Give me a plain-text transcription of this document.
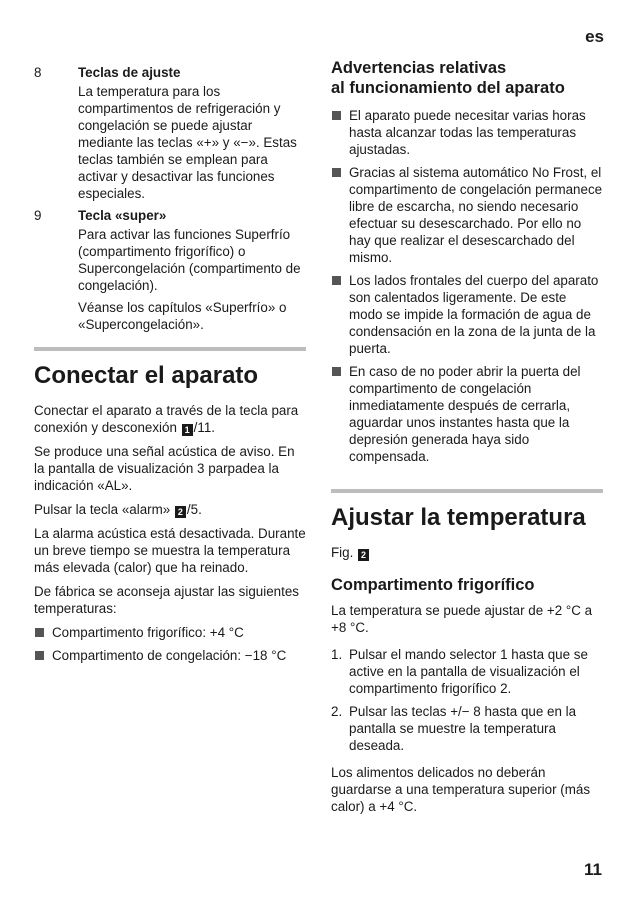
es
8	Teclas de ajuste

La temperatura para los compartimentos de refrigeración y congelación se puede ajustar mediante las teclas «+» y «−». Estas teclas también se emplean para activar y desactivar las funciones especiales.

9	Tecla «super»

Para activar las funciones Superfrío (compartimento frigorífico) o Supercongelación (compartimento de congelación).

Véanse los capítulos «Superfrío» o «Supercongelación».

Conectar el aparato

Conectar el aparato a través de la tecla para conexión y desconexión 1 /11.

Se produce una señal acústica de aviso. En la pantalla de visualización 3 parpadea la indicación «AL».

Pulsar la tecla «alarm» 2 /5.

La alarma acústica está desactivada. Durante un breve tiempo se muestra la temperatura más elevada (calor) que ha reinado.

De fábrica se aconseja ajustar las siguientes temperaturas:

Compartimento frigorífico: +4 °C
Compartimento de congelación: −18 °C
Advertencias relativas
al funcionamiento del aparato
El aparato puede necesitar varias horas hasta alcanzar todas las temperaturas ajustadas.
Gracias al sistema automático No Frost, el compartimento de congelación permanece libre de escarcha, no siendo necesario efectuar su desescarchado. Por ello no hay que realizar el desescarchado del mismo.
Los lados frontales del cuerpo del aparato son calentados ligeramente. De este modo se impide la formación de agua de condensación en la zona de la junta de la puerta.
En caso de no poder abrir la puerta del compartimento de congelación inmediatamente después de cerrarla, aguardar unos instantes hasta que la depresión generada haya sido compensada.
Ajustar la temperatura

Fig. 2

Compartimento frigorífico

La temperatura se puede ajustar de +2 °C a +8 °C.

1. Pulsar el mando selector 1 hasta que se active en la pantalla de visualización el compartimento frigorífico 2.
2. Pulsar las teclas +/− 8 hasta que en la pantalla se muestre la temperatura deseada.

Los alimentos delicados no deberán guardarse a una temperatura superior (más calor) a +4 °C.

11
